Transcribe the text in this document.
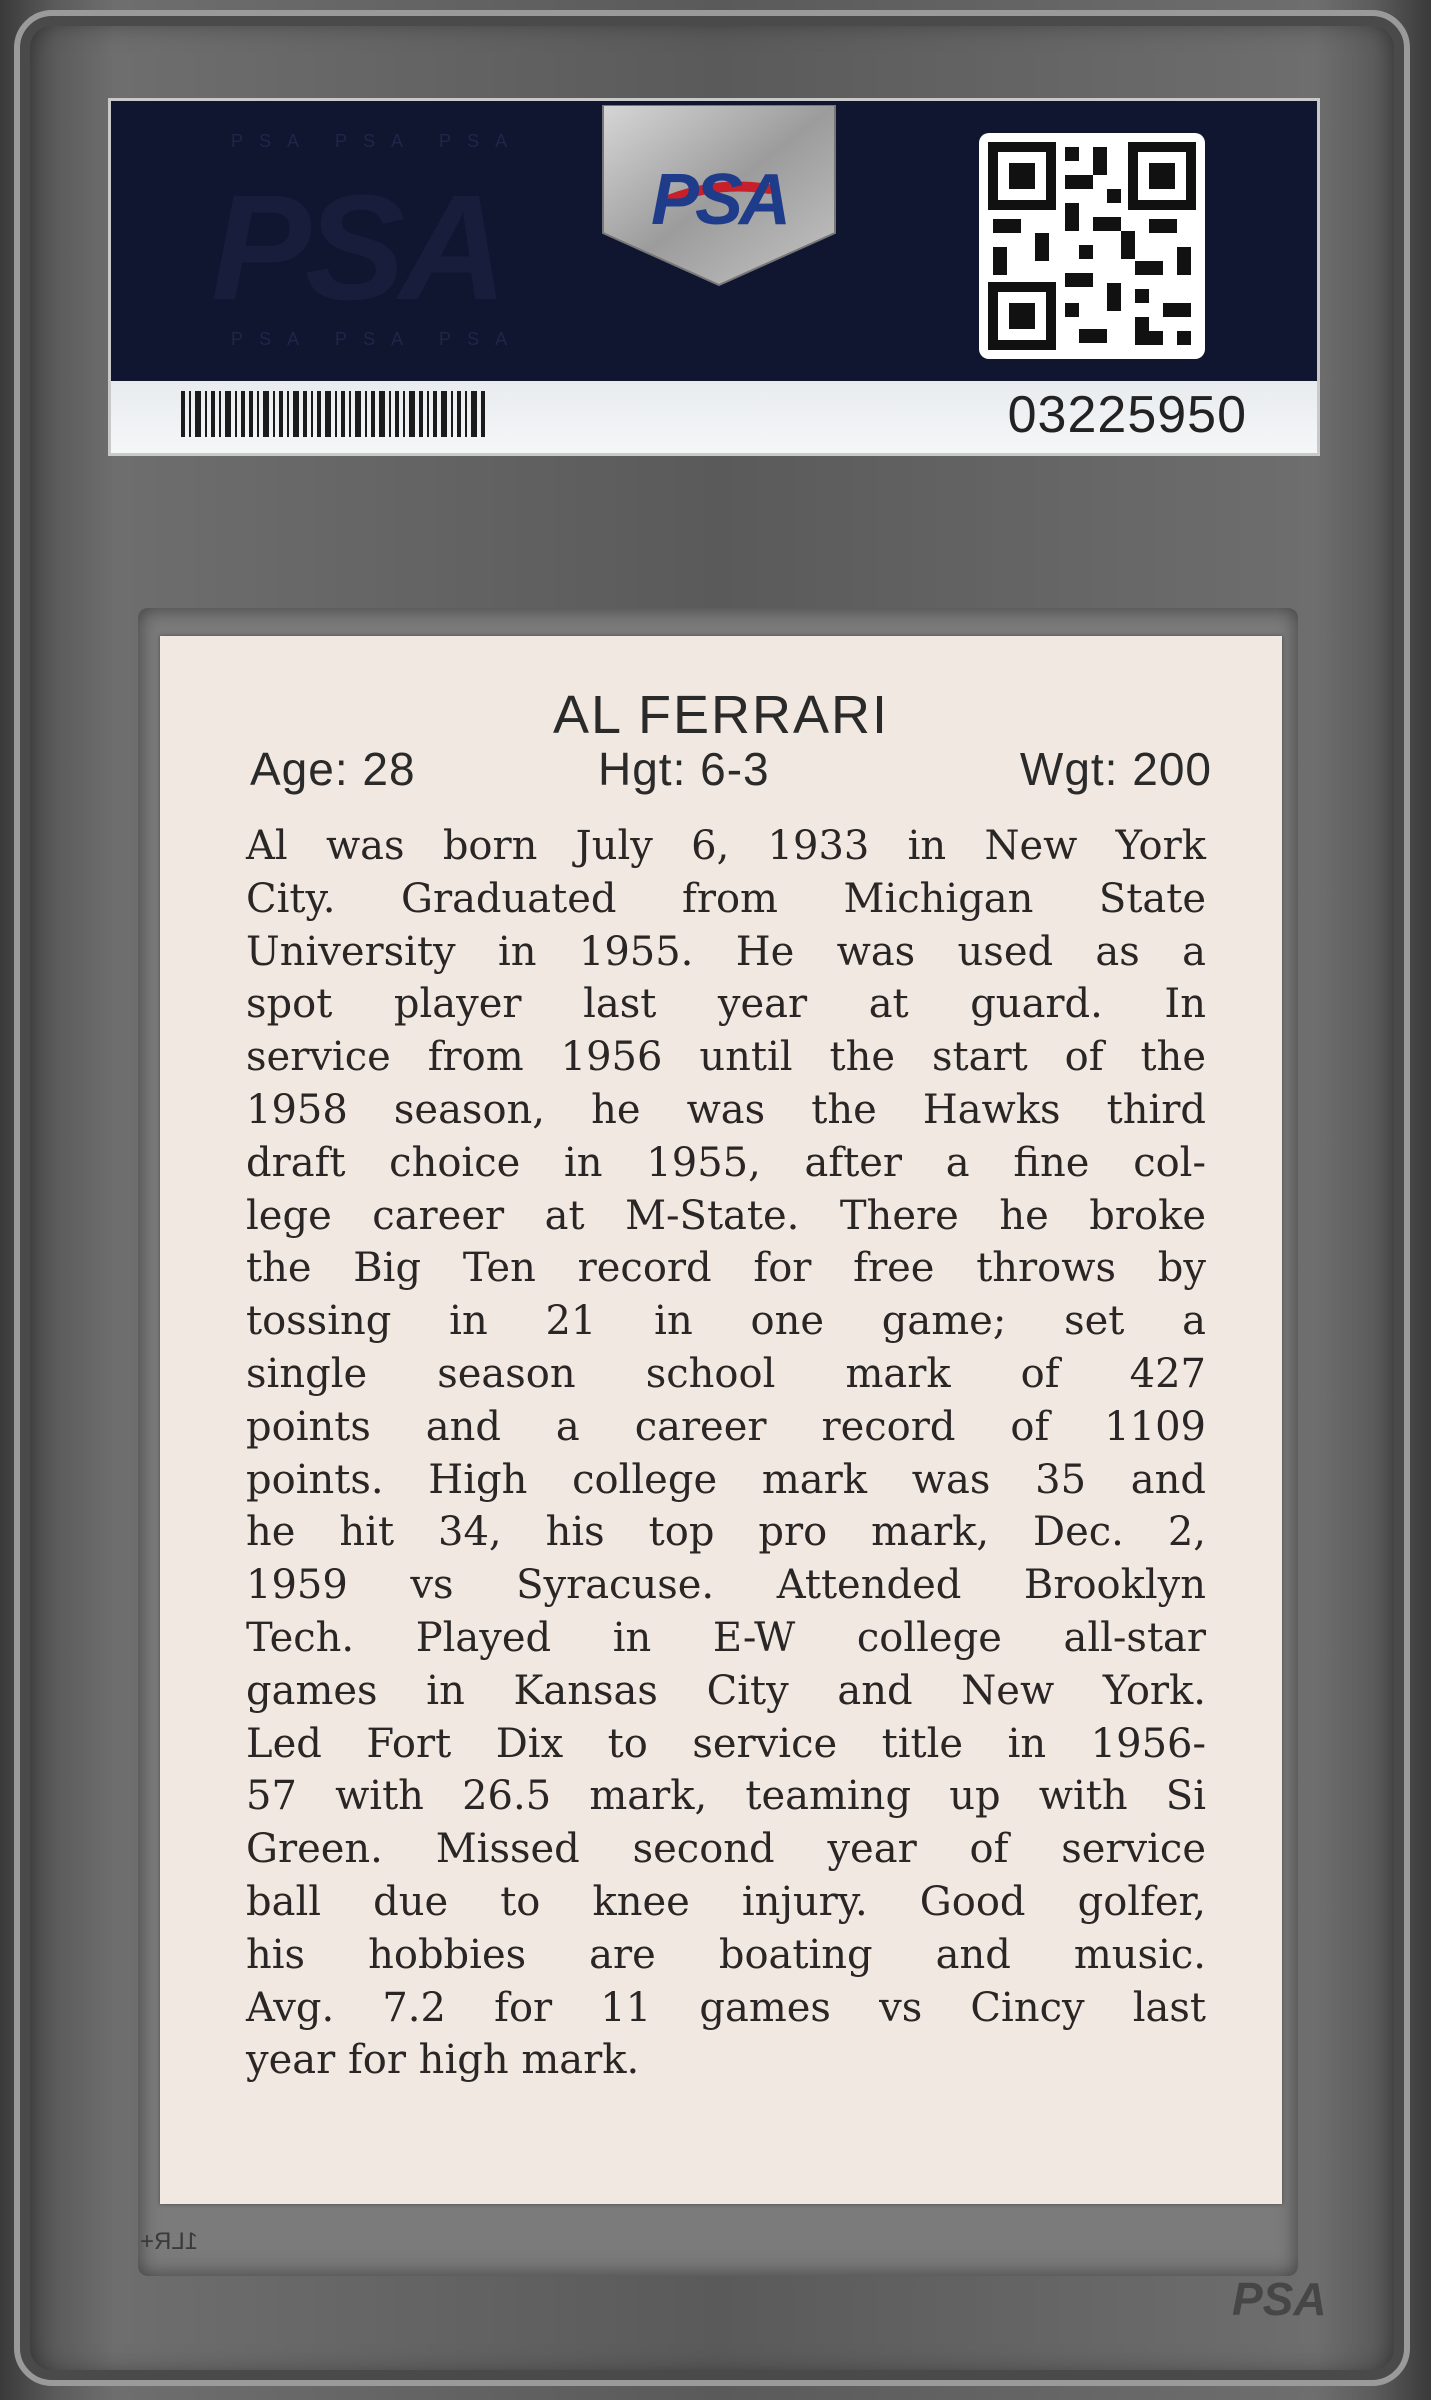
PSA PSA PSA
PSA
PSA PSA PSA
PSA
03225950
AL FERRARI
Age: 28	Hgt: 6-3	Wgt: 200
Al was born July 6, 1933 in New York
City. Graduated from Michigan State
University in 1955. He was used as a
spot player last year at guard. In
service from 1956 until the start of the
1958 season, he was the Hawks third
draft choice in 1955, after a fine col-
lege career at M-State. There he broke
the Big Ten record for free throws by
tossing in 21 in one game; set a
single season school mark of 427
points and a career record of 1109
points. High college mark was 35 and
he hit 34, his top pro mark, Dec. 2,
1959 vs Syracuse. Attended Brooklyn
Tech. Played in E-W college all-star
games in Kansas City and New York.
Led Fort Dix to service title in 1956-
57 with 26.5 mark, teaming up with Si
Green. Missed second year of service
ball due to knee injury. Good golfer,
his hobbies are boating and music.
Avg. 7.2 for 11 games vs Cincy last
year for high mark.
1LR+
PSA
